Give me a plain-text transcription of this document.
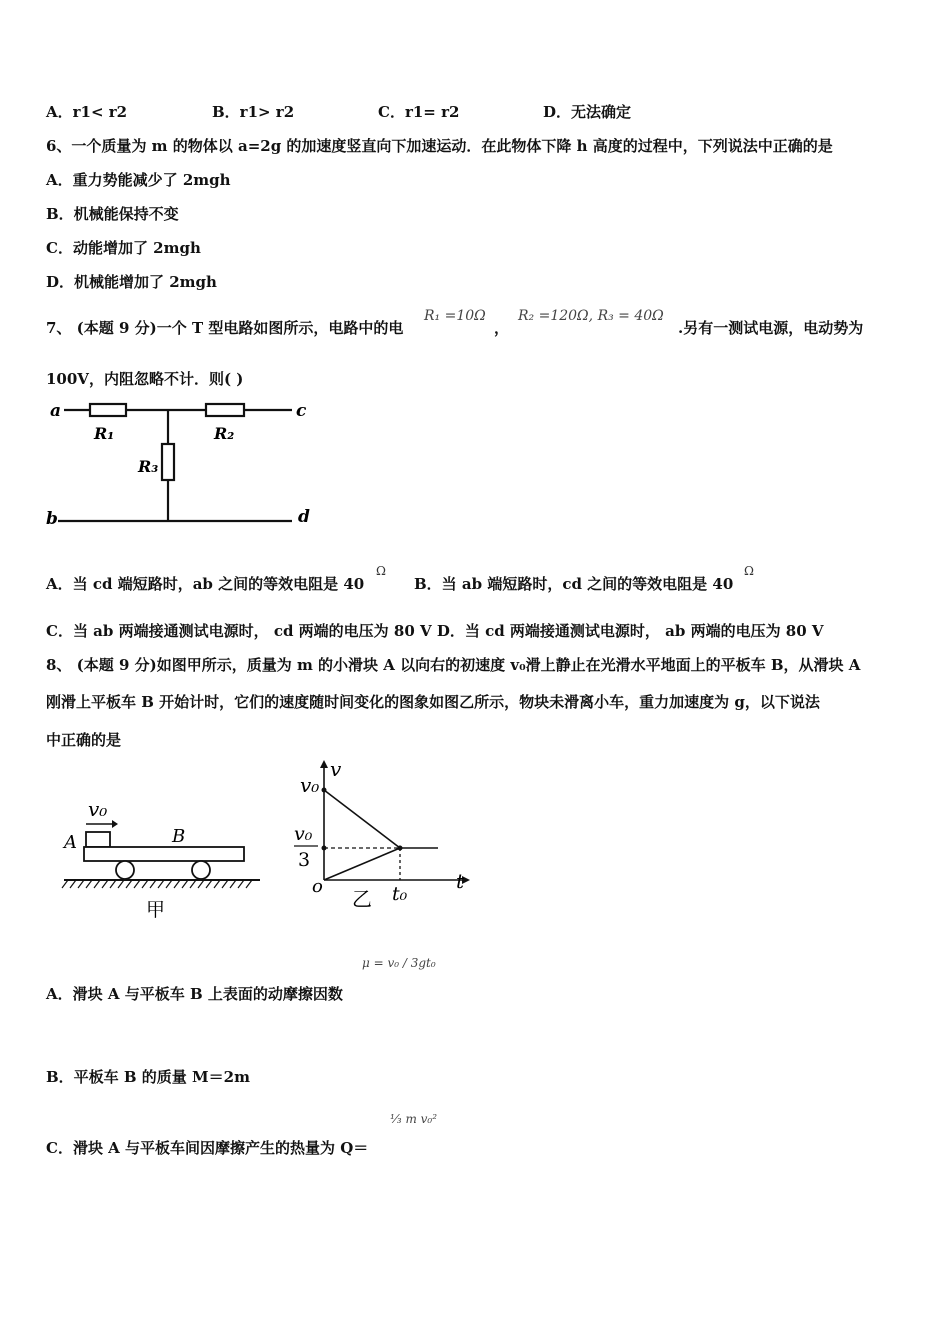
A．r1< r2	B．r1> r2	C．r1= r2	D．无法确定
6、一个质量为 m 的物体以 a=2g 的加速度竖直向下加速运动．在此物体下降 h 高度的过程中，下列说法中正确的是
A．重力势能减少了 2mgh
B．机械能保持不变
C．动能增加了 2mgh
D．机械能增加了 2mgh
7、 (本题 9 分)一个 T 型电路如图所示，电路中的电
R₁ =10Ω
，
R₂ =120Ω, R₃ = 40Ω
.另有一测试电源，电动势为
100V，内阻忽略不计．则( )
a	c
b	d
R₁	R₂
R₃
A．当 cd 端短路时，ab 之间的等效电阻是 40
Ω
B．当 ab 端短路时，cd 之间的等效电阻是 40
Ω
C．当 ab 两端接通测试电源时， cd 两端的电压为 80 V D．当 cd 两端接通测试电源时， ab 两端的电压为 80 V
8、 (本题 9 分)如图甲所示，质量为 m 的小滑块 A 以向右的初速度 v₀滑上静止在光滑水平地面上的平板车 B，从滑块 A
刚滑上平板车 B 开始计时，它们的速度随时间变化的图象如图乙所示，物块未滑离小车，重力加速度为 g，以下说法
中正确的是
v₀
A	B
甲
v
t
o
v₀
v₀
3
t₀
乙
μ = v₀ / 3gt₀
A．滑块 A 与平板车 B 上表面的动摩擦因数
B．平板车 B 的质量 M＝2m
⅓ m v₀²
C．滑块 A 与平板车间因摩擦产生的热量为 Q＝
